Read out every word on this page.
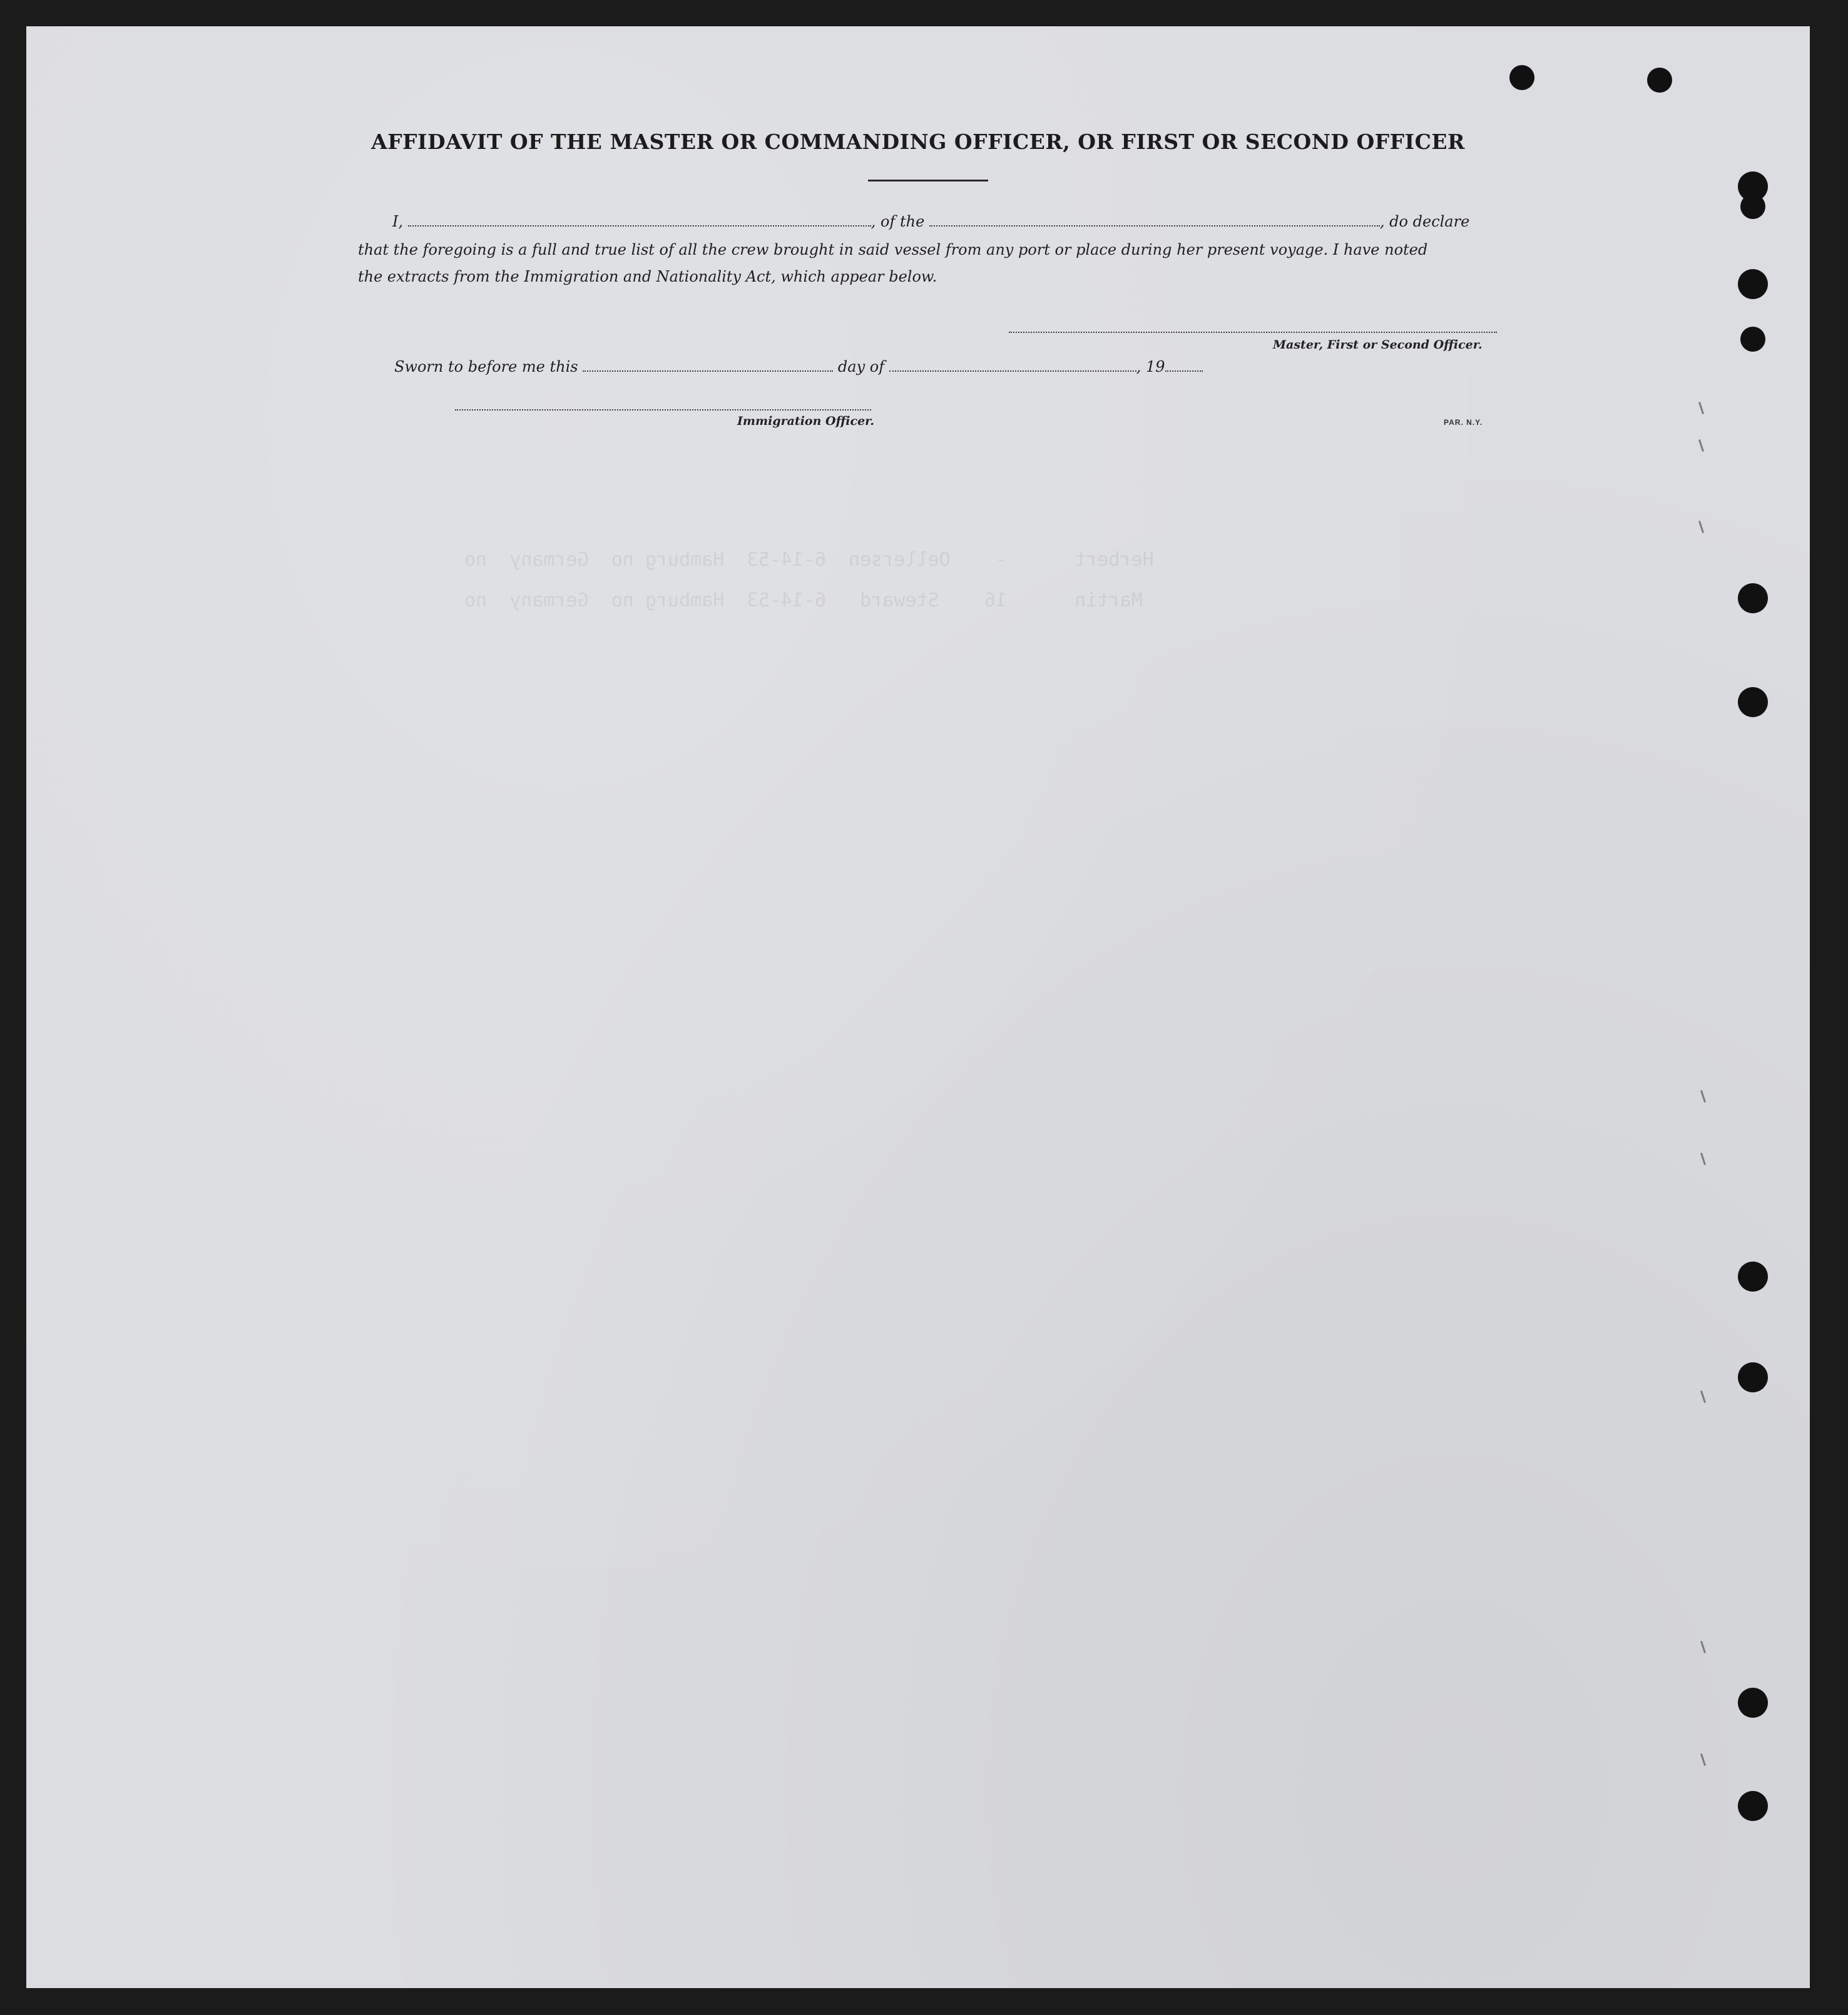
Herbert      -    Oellersen  6-14-53  Hamburg no  Germany  no
Martin      16    Steward   6-14-53  Hamburg no  Germany  no
AFFIDAVIT OF THE MASTER OR COMMANDING OFFICER, OR FIRST OR SECOND OFFICER
I,	, of the	, do declare
that the foregoing is a full and true list of all the crew brought in said vessel from any port or place during her present voyage. I have noted
the extracts from the Immigration and Nationality Act, which appear below.
Master, First or Second Officer.
Sworn to before me this	day of	, 19
Immigration Officer.	PAR. N.Y.
